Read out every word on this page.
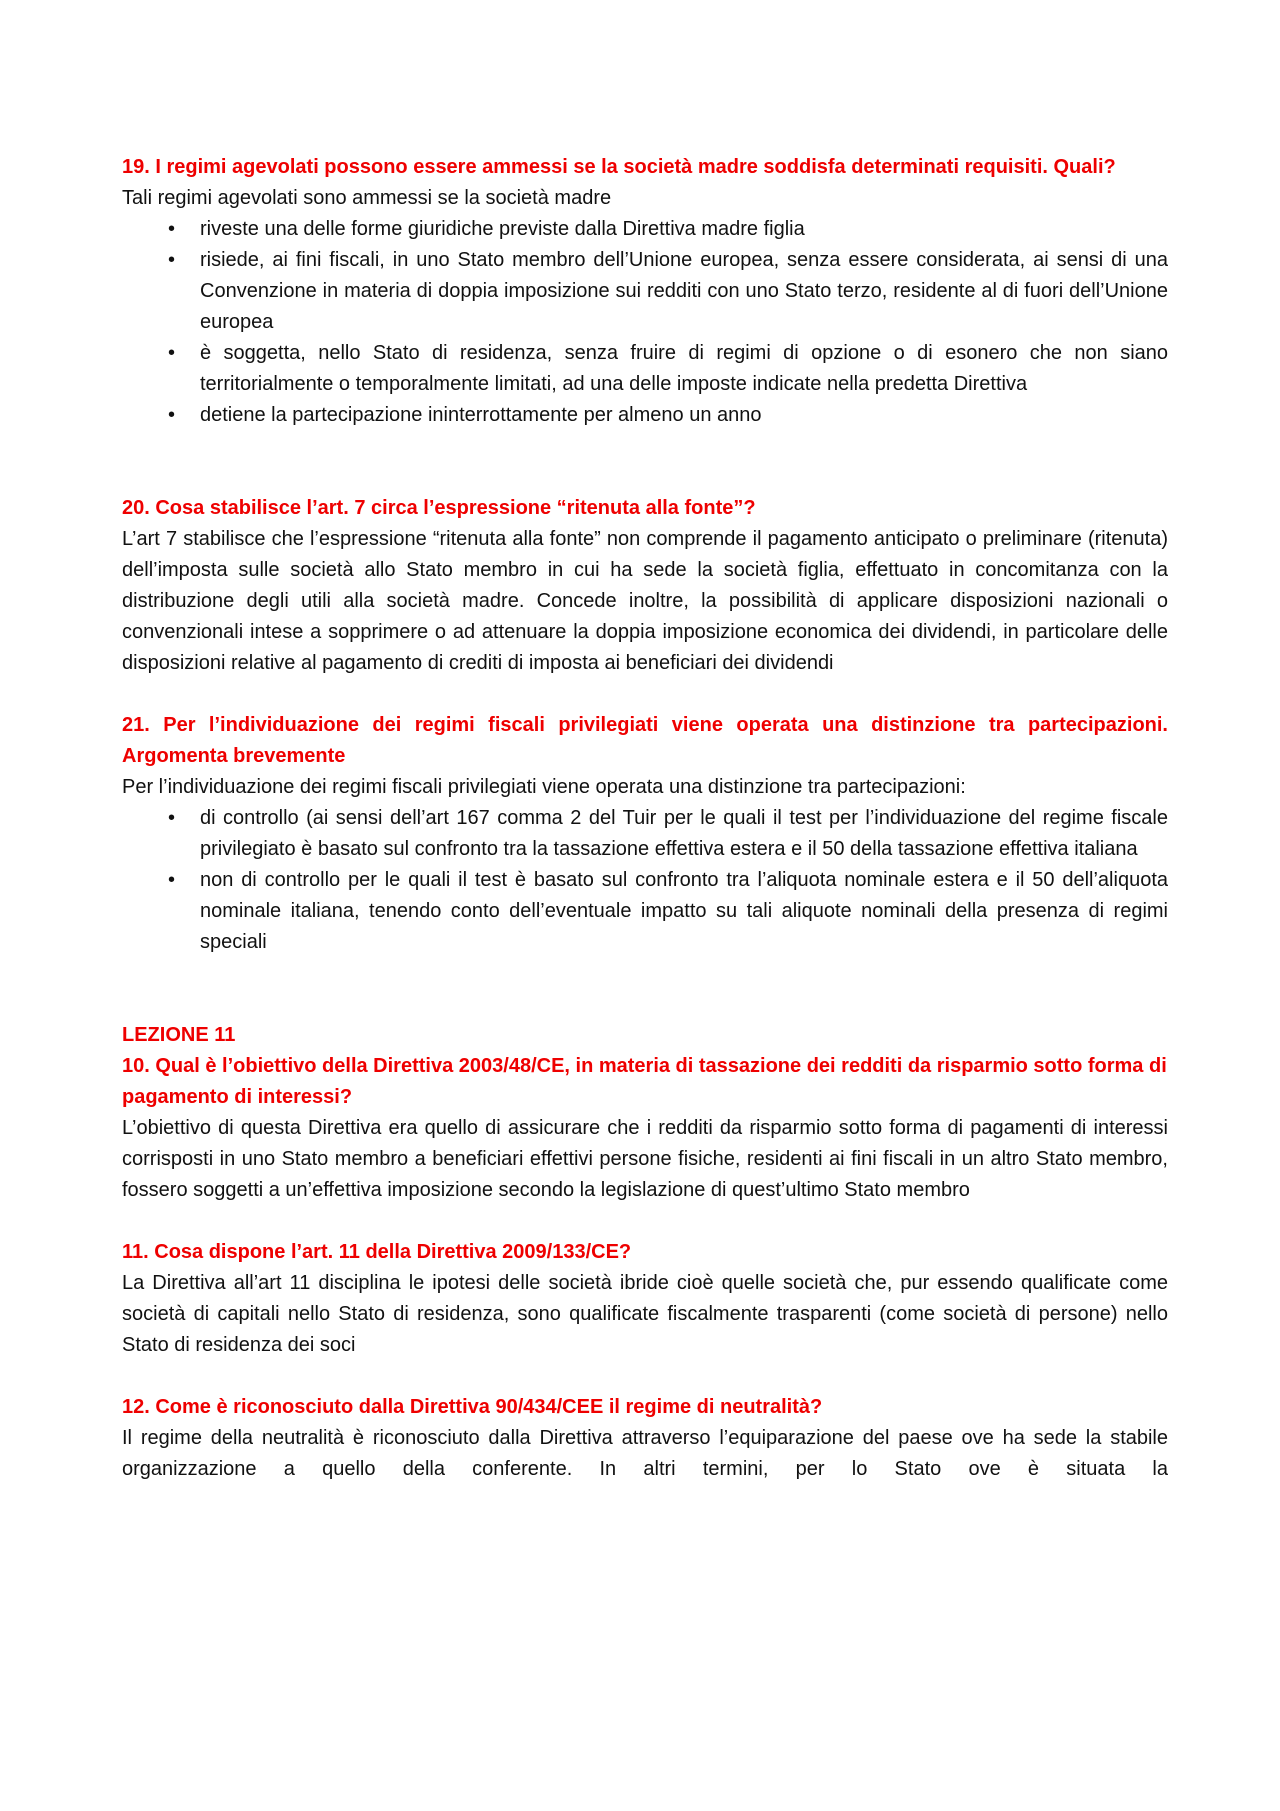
19. I regimi agevolati possono essere ammessi se la società madre soddisfa determinati requisiti. Quali?

Tali regimi agevolati sono ammessi se la società madre

• riveste una delle forme giuridiche previste dalla Direttiva madre figlia
• risiede, ai fini fiscali, in uno Stato membro dell’Unione europea, senza essere considerata, ai sensi di una Convenzione in materia di doppia imposizione sui redditi con uno Stato terzo, residente al di fuori dell’Unione europea
• è soggetta, nello Stato di residenza, senza fruire di regimi di opzione o di esonero che non siano territorialmente o temporalmente limitati, ad una delle imposte indicate nella predetta Direttiva
• detiene la partecipazione ininterrottamente per almeno un anno

20. Cosa stabilisce l’art. 7 circa l’espressione “ritenuta alla fonte”?

L’art 7 stabilisce che l’espressione “ritenuta alla fonte” non comprende il pagamento anticipato o preliminare (ritenuta) dell’imposta sulle società allo Stato membro in cui ha sede la società figlia, effettuato in concomitanza con la distribuzione degli utili alla società madre. Concede inoltre, la possibilità di applicare disposizioni nazionali o convenzionali intese a sopprimere o ad attenuare la doppia imposizione economica dei dividendi, in particolare delle disposizioni relative al pagamento di crediti di imposta ai beneficiari dei dividendi

21. Per l’individuazione dei regimi fiscali privilegiati viene operata una distinzione tra partecipazioni. Argomenta brevemente

Per l’individuazione dei regimi fiscali privilegiati viene operata una distinzione tra partecipazioni:

• di controllo (ai sensi dell’art 167 comma 2 del Tuir per le quali il test per l’individuazione del regime fiscale privilegiato è basato sul confronto tra la tassazione effettiva estera e il 50 della tassazione effettiva italiana
• non di controllo per le quali il test è basato sul confronto tra l’aliquota nominale estera e il 50 dell’aliquota nominale italiana, tenendo conto dell’eventuale impatto su tali aliquote nominali della presenza di regimi speciali

LEZIONE 11

10. Qual è l’obiettivo della Direttiva 2003/48/CE, in materia di tassazione dei redditi da risparmio sotto forma di pagamento di interessi?

L’obiettivo di questa Direttiva era quello di assicurare che i redditi da risparmio sotto forma di pagamenti di interessi corrisposti in uno Stato membro a beneficiari effettivi persone fisiche, residenti ai fini fiscali in un altro Stato membro, fossero soggetti a un’effettiva imposizione secondo la legislazione di quest’ultimo Stato membro

11. Cosa dispone l’art. 11 della Direttiva 2009/133/CE?

La Direttiva all’art 11 disciplina le ipotesi delle società ibride cioè quelle società che, pur essendo qualificate come società di capitali nello Stato di residenza, sono qualificate fiscalmente trasparenti (come società di persone) nello Stato di residenza dei soci

12. Come è riconosciuto dalla Direttiva 90/434/CEE il regime di neutralità?

Il regime della neutralità è riconosciuto dalla Direttiva attraverso l’equiparazione del paese ove ha sede la stabile organizzazione a quello della conferente. In altri termini, per lo Stato ove è situata la
